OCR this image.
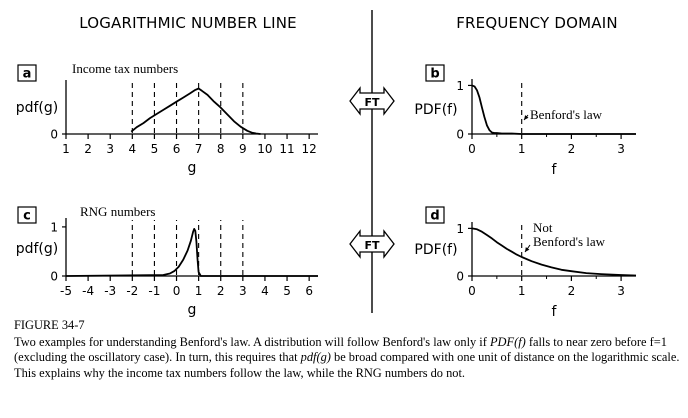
LOGARITHMIC NUMBER LINE	FREQUENCY DOMAIN
FT
FT
a	Income tax numbers
pdf(g)
0
1 2 3 4 5 6 7 8 9 10 11 12
g
b
PDF(f)
0
1
0	1	2	3
f
Benford's law
c	RNG numbers
pdf(g)
0
1
-5 -4 -3 -2 -1 0 1 2 3 4 5 6
g
d
PDF(f)
0
1
0	1	2	3
f
Not Benford's law

FIGURE 34-7
Two examples for understanding Benford's law. A distribution will follow Benford's law only if PDF(f) falls to near zero before f=1 (excluding the oscillatory case). In turn, this requires that pdf(g) be broad compared with one unit of distance on the logarithmic scale. This explains why the income tax numbers follow the law, while the RNG numbers do not.
